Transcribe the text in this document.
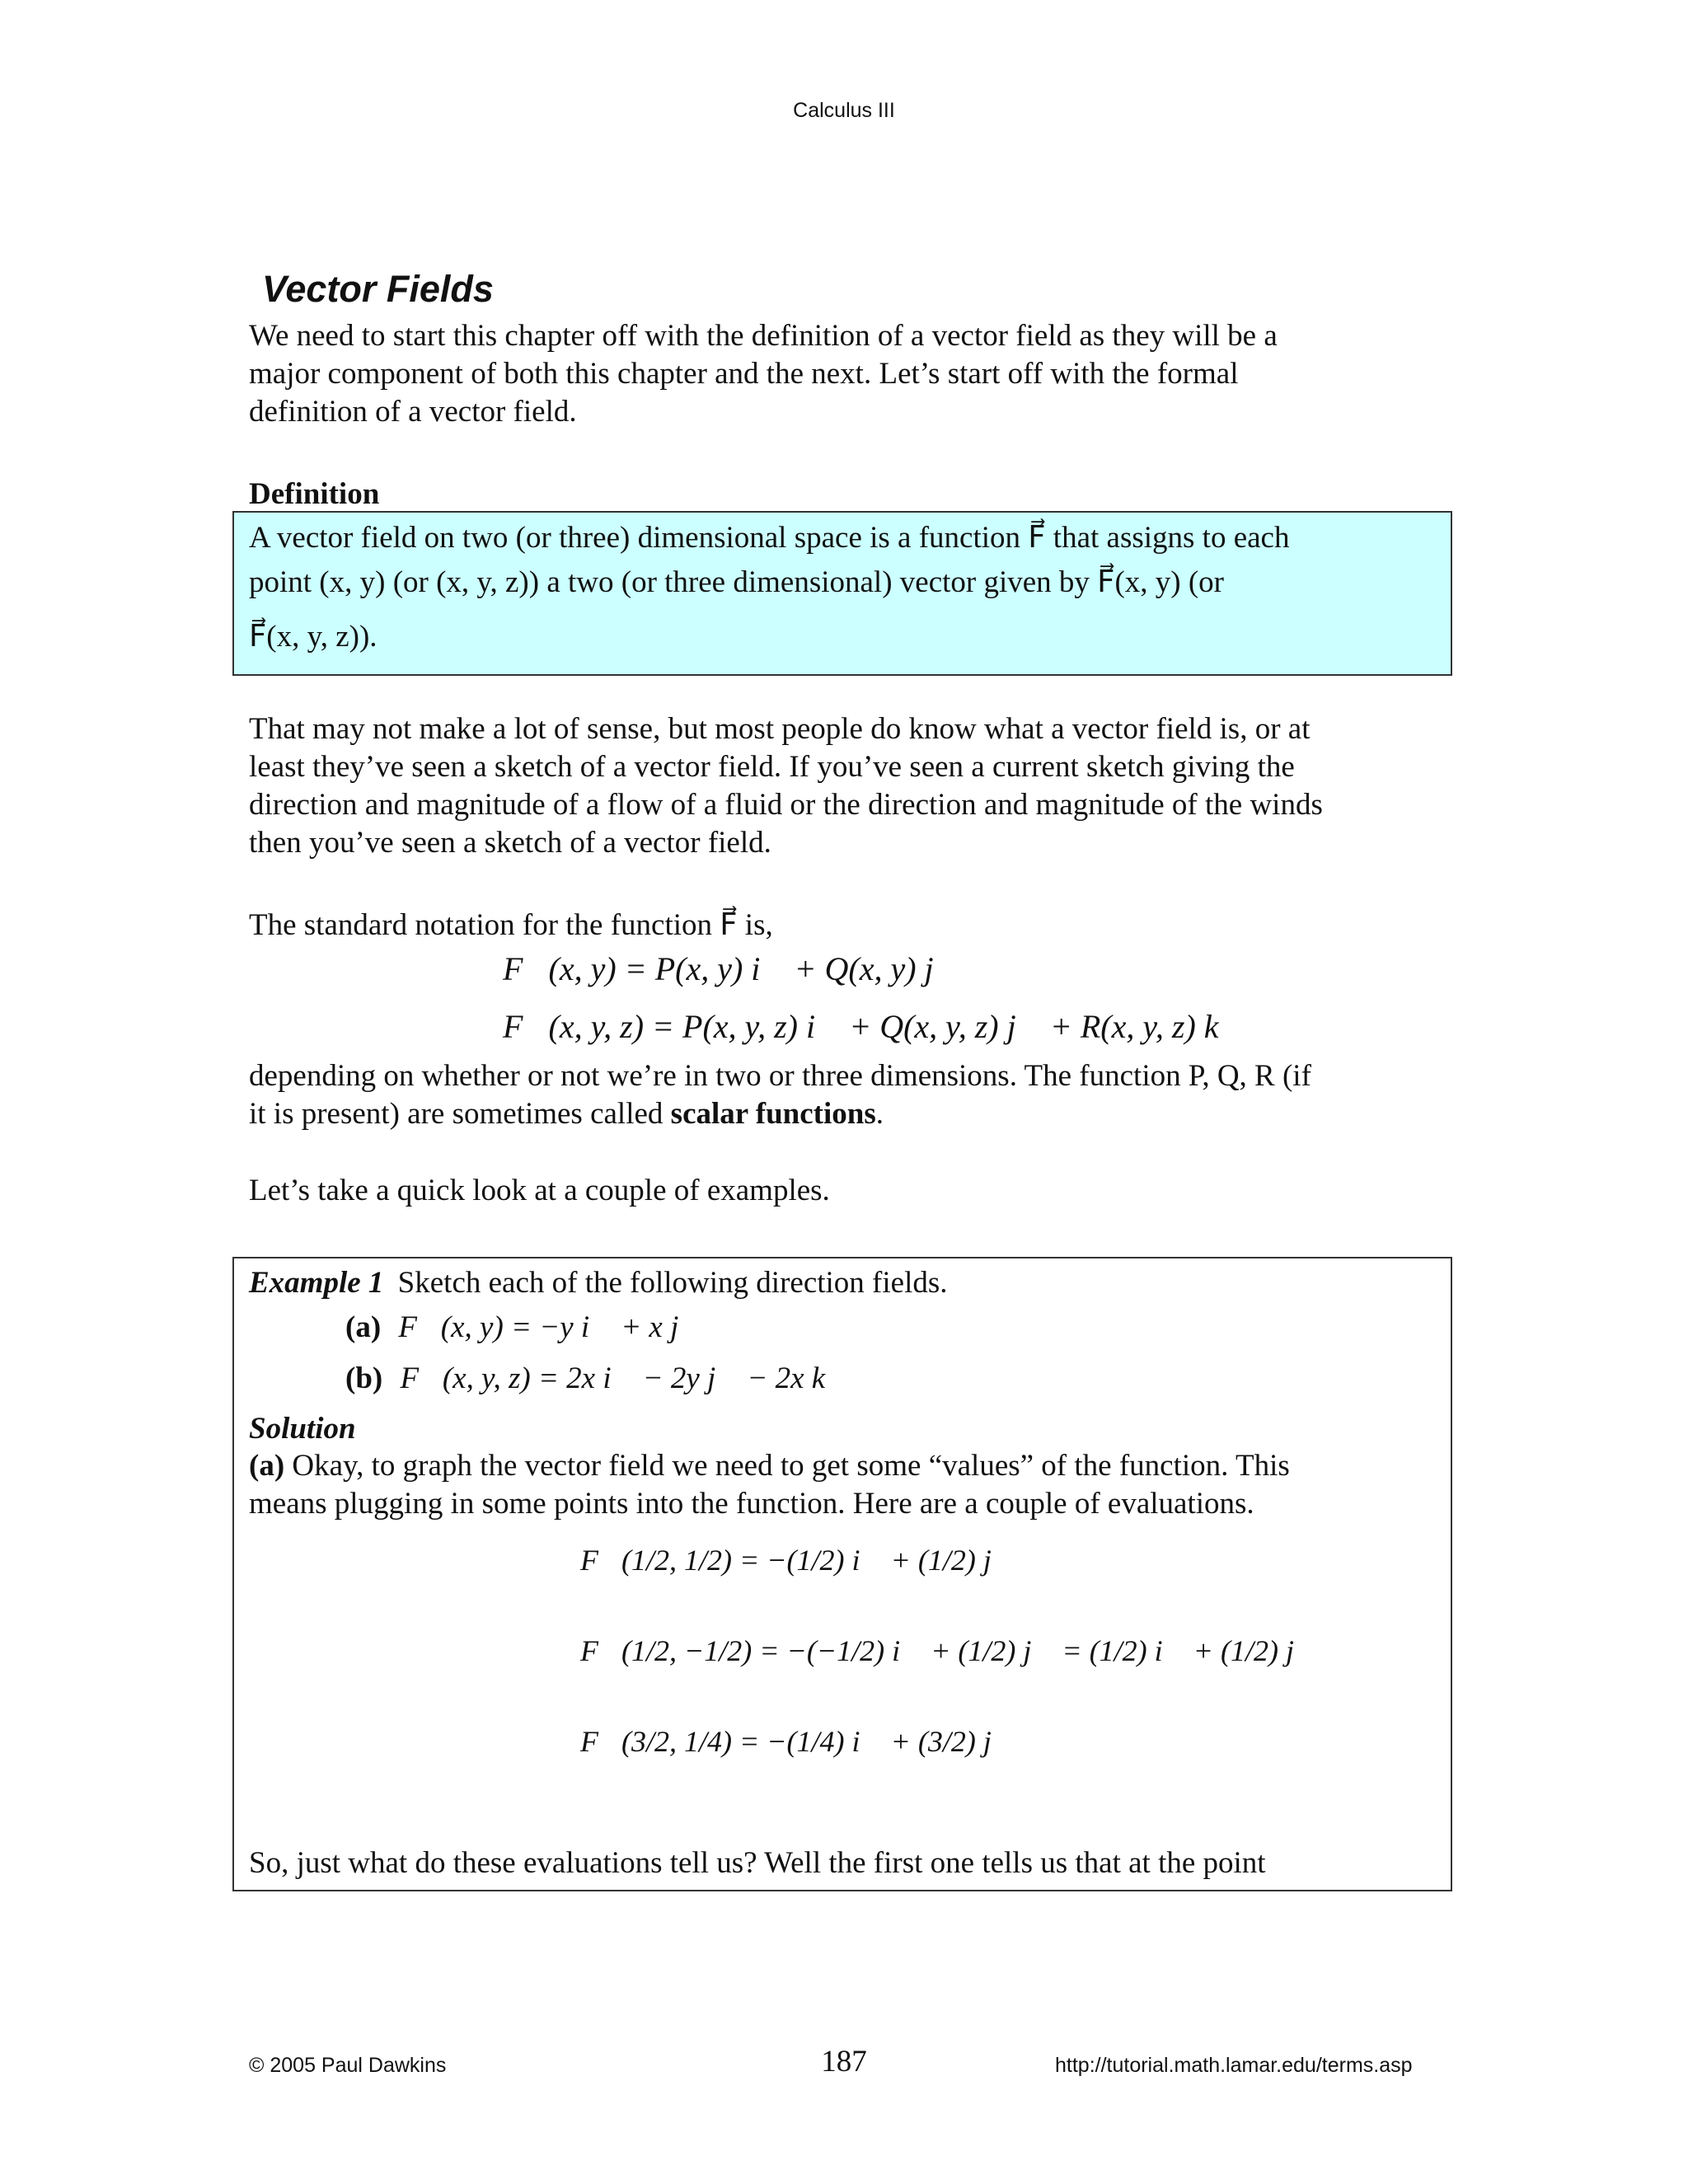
Calculus III
Vector Fields
We need to start this chapter off with the definition of a vector field as they will be a
major component of both this chapter and the next. Let’s start off with the formal
definition of a vector field.
Definition
A vector field on two (or three) dimensional space is a function F⃗ that assigns to each
point (x, y) (or (x, y, z)) a two (or three dimensional) vector given by F⃗(x, y) (or
F⃗(x, y, z)).
That may not make a lot of sense, but most people do know what a vector field is, or at
least they’ve seen a sketch of a vector field. If you’ve seen a current sketch giving the
direction and magnitude of a flow of a fluid or the direction and magnitude of the winds
then you’ve seen a sketch of a vector field.
The standard notation for the function F⃗ is,
F⃗(x, y) = P(x, y) i⃗ + Q(x, y) j⃗
F⃗(x, y, z) = P(x, y, z) i⃗ + Q(x, y, z) j⃗ + R(x, y, z) k⃗
depending on whether or not we’re in two or three dimensions. The function P, Q, R (if
it is present) are sometimes called scalar functions.
Let’s take a quick look at a couple of examples.
Example 1 Sketch each of the following direction fields.
(a) F⃗(x, y) = −y i⃗ + x j⃗
(b) F⃗(x, y, z) = 2x i⃗ − 2y j⃗ − 2x k⃗
Solution
(a) Okay, to graph the vector field we need to get some “values” of the function. This
means plugging in some points into the function. Here are a couple of evaluations.
F⃗(1/2, 1/2) = −(1/2) i⃗ + (1/2) j⃗
F⃗(1/2, −1/2) = −(−1/2) i⃗ + (1/2) j⃗ = (1/2) i⃗ + (1/2) j⃗
F⃗(3/2, 1/4) = −(1/4) i⃗ + (3/2) j⃗
So, just what do these evaluations tell us? Well the first one tells us that at the point
© 2005 Paul Dawkins	187	http://tutorial.math.lamar.edu/terms.asp
